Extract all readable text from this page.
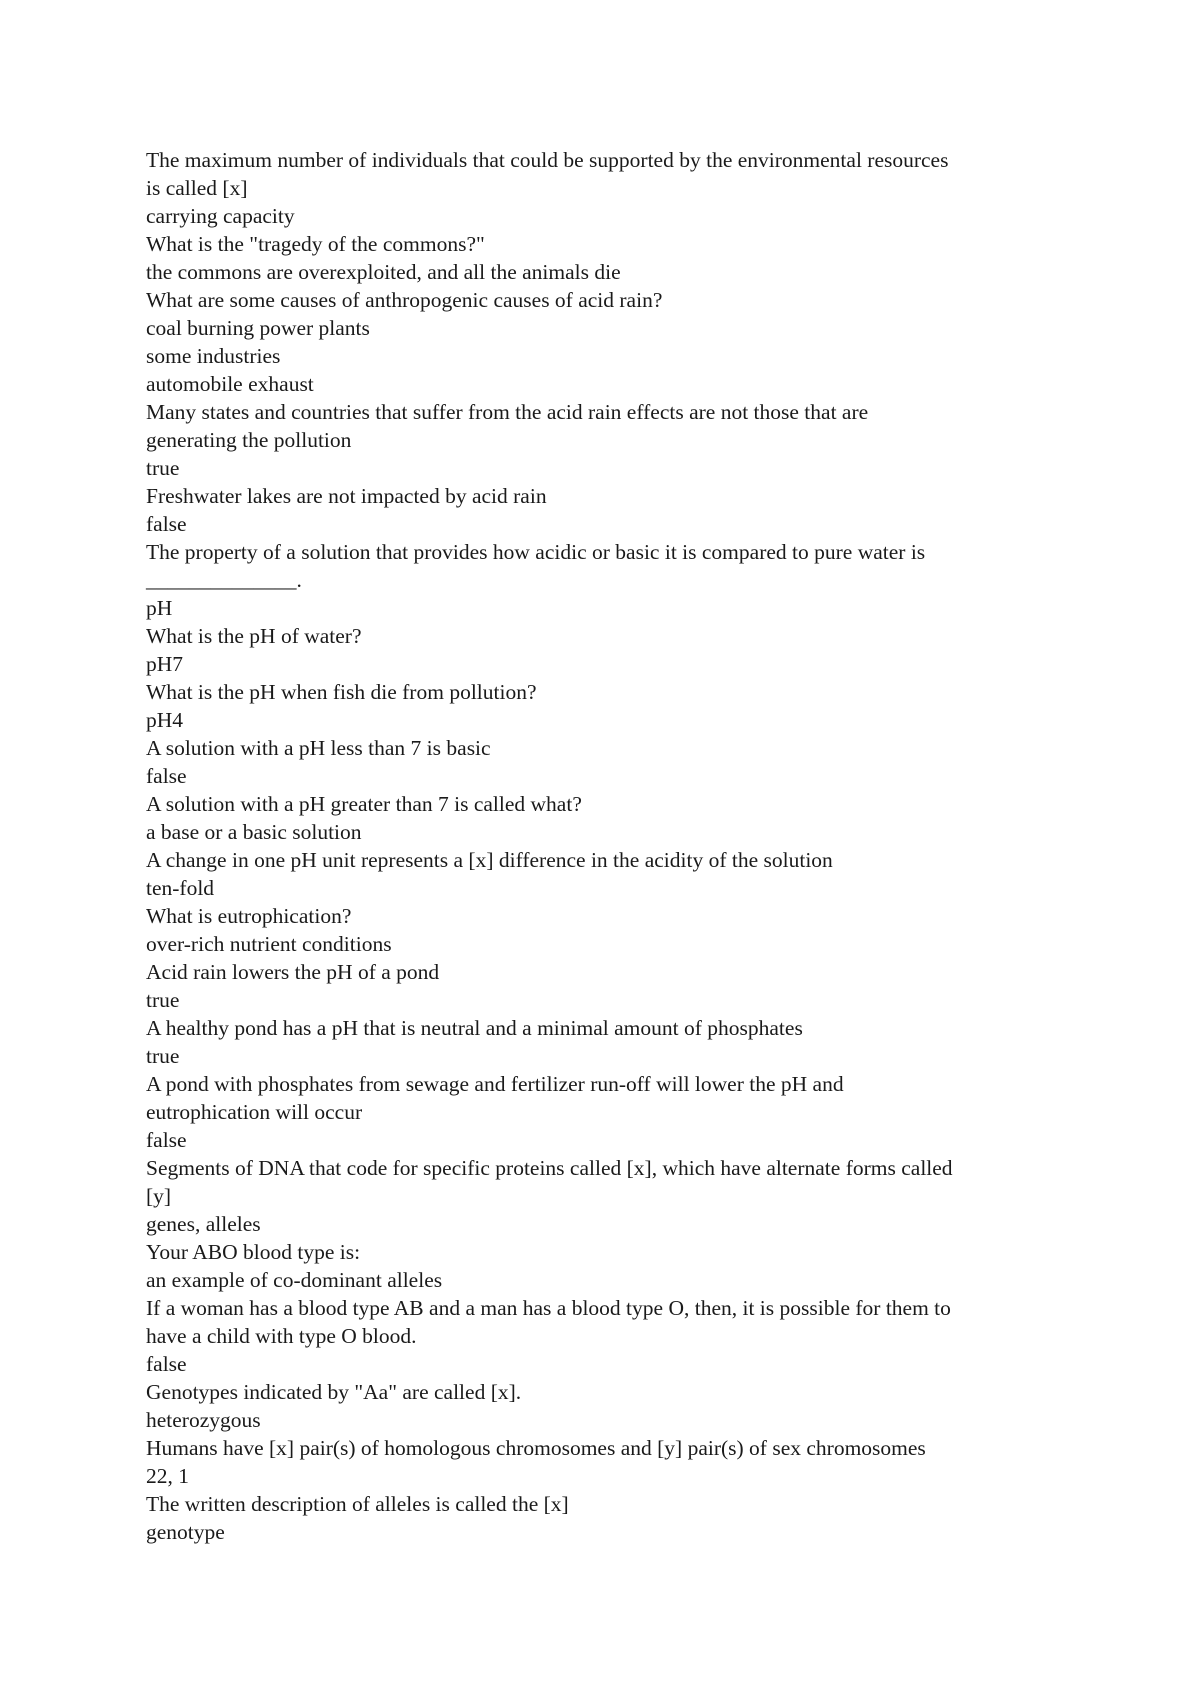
The maximum number of individuals that could be supported by the environmental resources
is called [x]
carrying capacity
What is the "tragedy of the commons?"
the commons are overexploited, and all the animals die
What are some causes of anthropogenic causes of acid rain?
coal burning power plants
some industries
automobile exhaust
Many states and countries that suffer from the acid rain effects are not those that are
generating the pollution
true
Freshwater lakes are not impacted by acid rain
false
The property of a solution that provides how acidic or basic it is compared to pure water is
______________.
pH
What is the pH of water?
pH7
What is the pH when fish die from pollution?
pH4
A solution with a pH less than 7 is basic
false
A solution with a pH greater than 7 is called what?
a base or a basic solution
A change in one pH unit represents a [x] difference in the acidity of the solution
ten-fold
What is eutrophication?
over-rich nutrient conditions
Acid rain lowers the pH of a pond
true
A healthy pond has a pH that is neutral and a minimal amount of phosphates
true
A pond with phosphates from sewage and fertilizer run-off will lower the pH and
eutrophication will occur
false
Segments of DNA that code for specific proteins called [x], which have alternate forms called
[y]
genes, alleles
Your ABO blood type is:
an example of co-dominant alleles
If a woman has a blood type AB and a man has a blood type O, then, it is possible for them to
have a child with type O blood.
false
Genotypes indicated by "Aa" are called [x].
heterozygous
Humans have [x] pair(s) of homologous chromosomes and [y] pair(s) of sex chromosomes
22, 1
The written description of alleles is called the [x]
genotype
